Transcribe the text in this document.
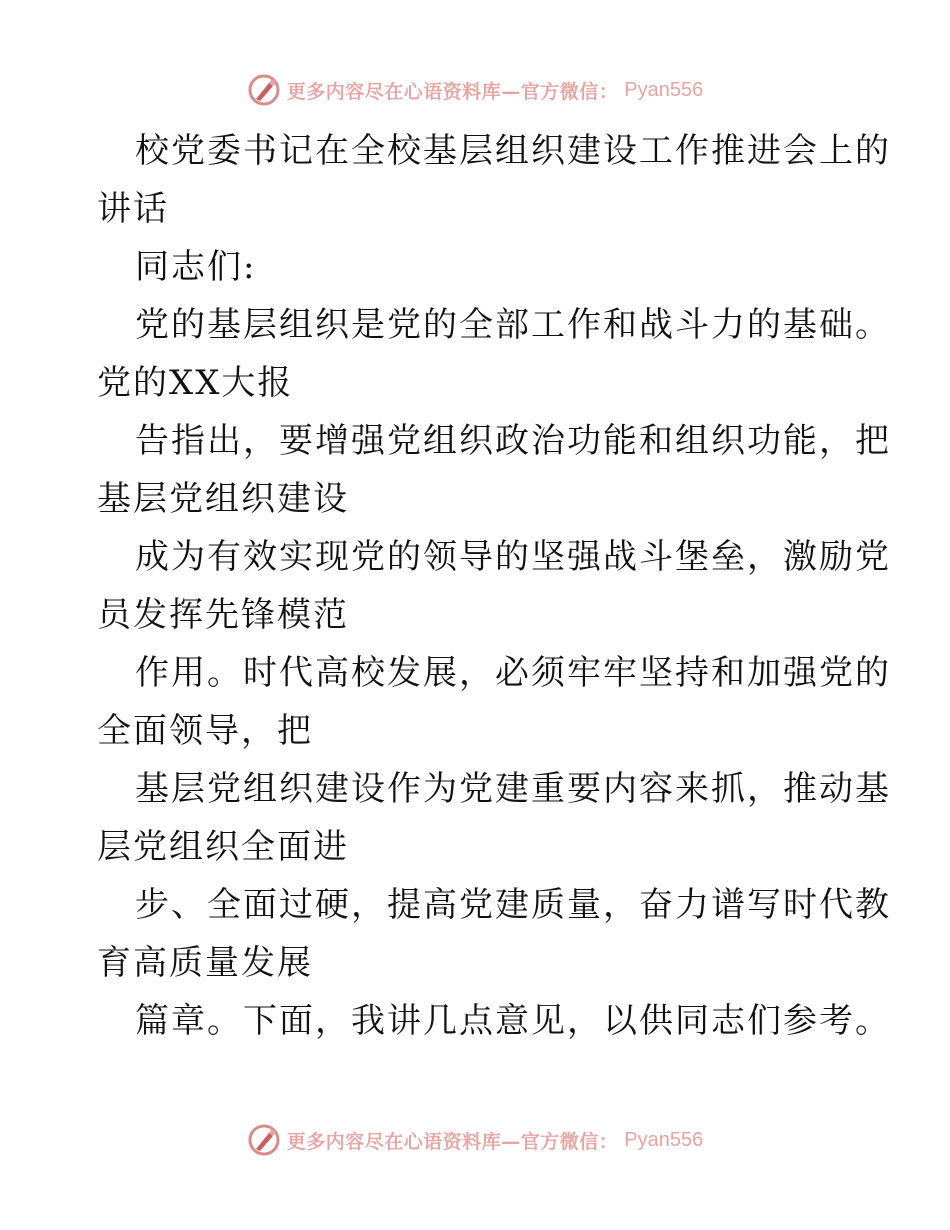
更多内容尽在心语资料库—官方微信： Pyan556
校党委书记在全校基层组织建设工作推进会上的
讲话
同志们:
党的基层组织是党的全部工作和战斗力的基础。
党的XX大报
告指出，要增强党组织政治功能和组织功能，把
基层党组织建设
成为有效实现党的领导的坚强战斗堡垒，激励党
员发挥先锋模范
作用。时代高校发展，必须牢牢坚持和加强党的
全面领导，把
基层党组织建设作为党建重要内容来抓，推动基
层党组织全面进
步、全面过硬，提高党建质量，奋力谱写时代教
育高质量发展
篇章。下面，我讲几点意见，以供同志们参考。
更多内容尽在心语资料库—官方微信： Pyan556
